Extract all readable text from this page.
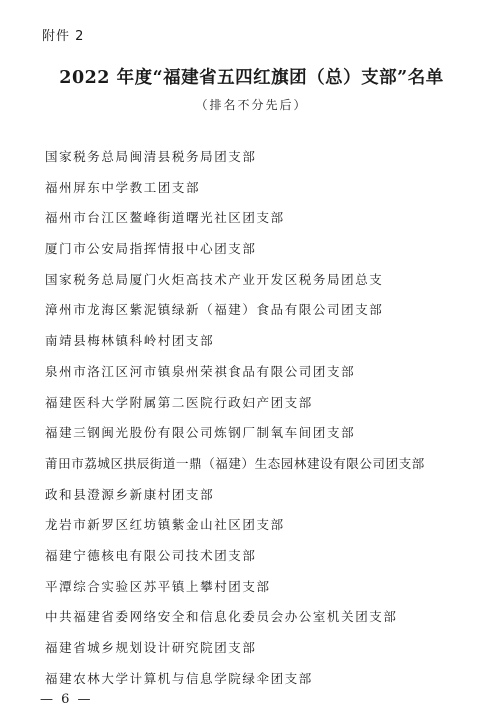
附件 2
2022 年度“福建省五四红旗团（总）支部”名单
（排名不分先后）
国家税务总局闽清县税务局团支部
福州屏东中学教工团支部
福州市台江区鳌峰街道曙光社区团支部
厦门市公安局指挥情报中心团支部
国家税务总局厦门火炬高技术产业开发区税务局团总支
漳州市龙海区紫泥镇绿新（福建）食品有限公司团支部
南靖县梅林镇科岭村团支部
泉州市洛江区河市镇泉州荣祺食品有限公司团支部
福建医科大学附属第二医院行政妇产团支部
福建三钢闽光股份有限公司炼钢厂制氧车间团支部
莆田市荔城区拱辰街道一鼎（福建）生态园林建设有限公司团支部
政和县澄源乡新康村团支部
龙岩市新罗区红坊镇紫金山社区团支部
福建宁德核电有限公司技术团支部
平潭综合实验区苏平镇上攀村团支部
中共福建省委网络安全和信息化委员会办公室机关团支部
福建省城乡规划设计研究院团支部
福建农林大学计算机与信息学院绿伞团支部
— 6 —
